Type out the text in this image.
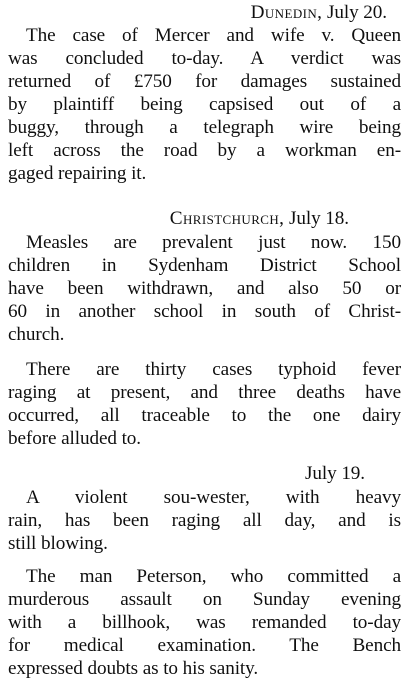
Dunedin, July 20.
The case of Mercer and wife v. Queen
was concluded to-day. A verdict was
returned of £750 for damages sustained
by plaintiff being capsised out of a
buggy, through a telegraph wire being
left across the road by a workman en-
gaged repairing it.
Christchurch, July 18.
Measles are prevalent just now. 150
children in Sydenham District School
have been withdrawn, and also 50 or
60 in another school in south of Christ-
church.
There are thirty cases typhoid fever
raging at present, and three deaths have
occurred, all traceable to the one dairy
before alluded to.
July 19.
A violent sou-wester, with heavy
rain, has been raging all day, and is
still blowing.
The man Peterson, who committed a
murderous assault on Sunday evening
with a billhook, was remanded to-day
for medical examination. The Bench
expressed doubts as to his sanity.
